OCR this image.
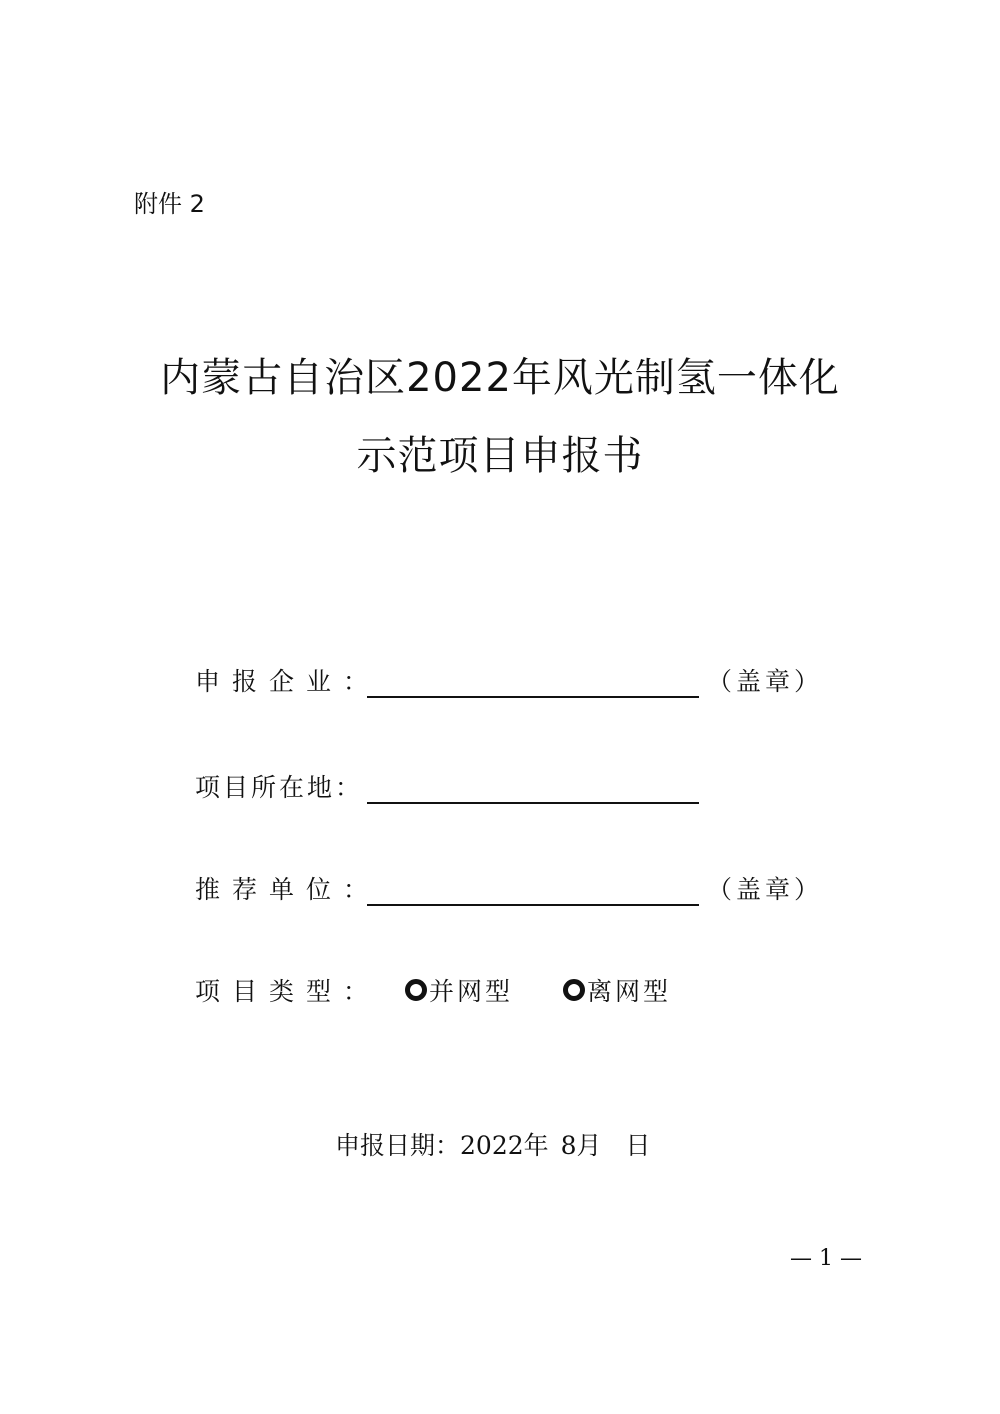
附件 2
内蒙古自治区2022年风光制氢一体化
示范项目申报书
申报企业：	（盖章）
项目所在地：
推荐单位：	（盖章）
项目类型： 并网型	离网型
申报日期：2022年 8月 日
— 1 —
